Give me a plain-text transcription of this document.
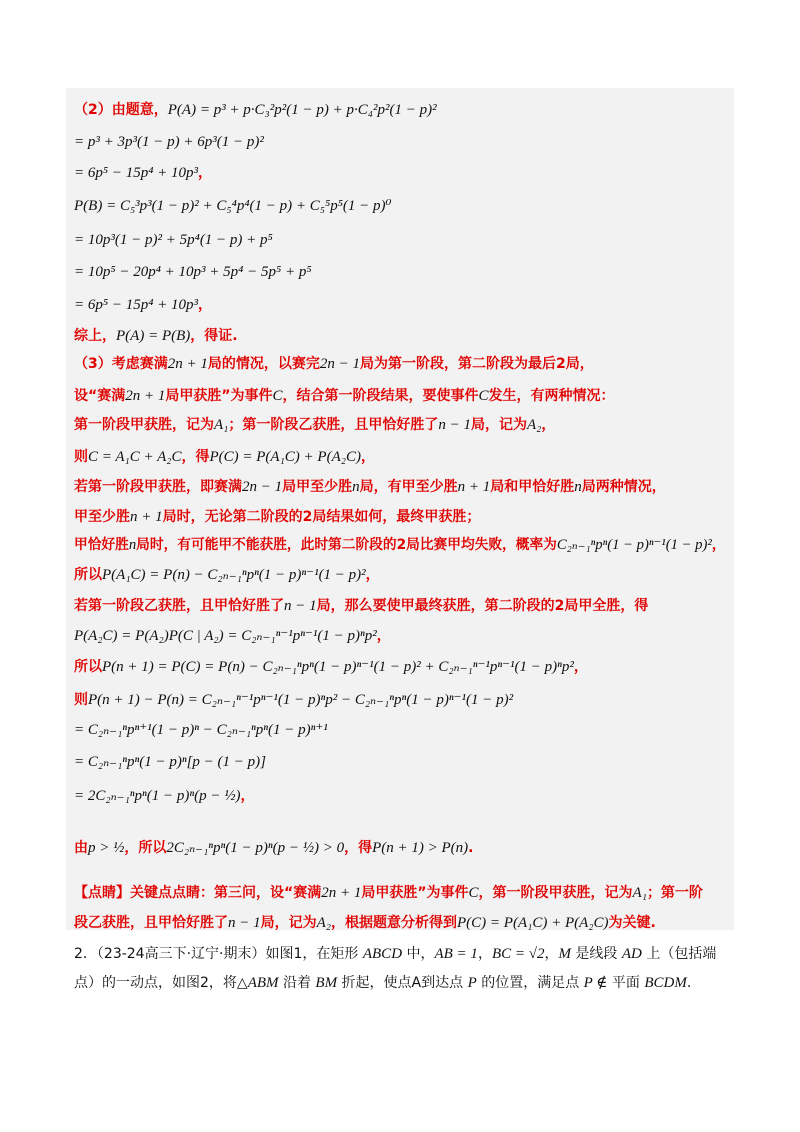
（2）由题意，P(A) = p³ + p·C₃²p²(1 − p) + p·C₄²p²(1 − p)²
= p³ + 3p³(1 − p) + 6p³(1 − p)²
= 6p⁵ − 15p⁴ + 10p³，
P(B) = C₅³p³(1 − p)² + C₅⁴p⁴(1 − p) + C₅⁵p⁵(1 − p)⁰
= 10p³(1 − p)² + 5p⁴(1 − p) + p⁵
= 10p⁵ − 20p⁴ + 10p³ + 5p⁴ − 5p⁵ + p⁵
= 6p⁵ − 15p⁴ + 10p³，
综上，P(A) = P(B)，得证.
（3）考虑赛满2n + 1局的情况，以赛完2n − 1局为第一阶段，第二阶段为最后2局，
设“赛满2n + 1局甲获胜”为事件C，结合第一阶段结果，要使事件C发生，有两种情况：
第一阶段甲获胜，记为A₁；第一阶段乙获胜，且甲恰好胜了n − 1局，记为A₂，
则C = A₁C + A₂C，得P(C) = P(A₁C) + P(A₂C)，
若第一阶段甲获胜，即赛满2n − 1局甲至少胜n局，有甲至少胜n + 1局和甲恰好胜n局两种情况，
甲至少胜n + 1局时，无论第二阶段的2局结果如何，最终甲获胜；
甲恰好胜n局时，有可能甲不能获胜，此时第二阶段的2局比赛甲均失败，概率为C₂ₙ₋₁ⁿpⁿ(1 − p)ⁿ⁻¹(1 − p)²，
所以P(A₁C) = P(n) − C₂ₙ₋₁ⁿpⁿ(1 − p)ⁿ⁻¹(1 − p)²，
若第一阶段乙获胜，且甲恰好胜了n − 1局，那么要使甲最终获胜，第二阶段的2局甲全胜，得
P(A₂C) = P(A₂)P(C | A₂) = C₂ₙ₋₁ⁿ⁻¹pⁿ⁻¹(1 − p)ⁿp²，
所以P(n + 1) = P(C) = P(n) − C₂ₙ₋₁ⁿpⁿ(1 − p)ⁿ⁻¹(1 − p)² + C₂ₙ₋₁ⁿ⁻¹pⁿ⁻¹(1 − p)ⁿp²，
则P(n + 1) − P(n) = C₂ₙ₋₁ⁿ⁻¹pⁿ⁻¹(1 − p)ⁿp² − C₂ₙ₋₁ⁿpⁿ(1 − p)ⁿ⁻¹(1 − p)²
= C₂ₙ₋₁ⁿpⁿ⁺¹(1 − p)ⁿ − C₂ₙ₋₁ⁿpⁿ(1 − p)ⁿ⁺¹
= C₂ₙ₋₁ⁿpⁿ(1 − p)ⁿ[p − (1 − p)]
= 2C₂ₙ₋₁ⁿpⁿ(1 − p)ⁿ(p − ½)，
由p > ½，所以2C₂ₙ₋₁ⁿpⁿ(1 − p)ⁿ(p − ½) > 0，得P(n + 1) > P(n).
【点睛】关键点点睛：第三问，设“赛满2n + 1局甲获胜”为事件C，第一阶段甲获胜，记为A₁；第一阶
段乙获胜，且甲恰好胜了n − 1局，记为A₂，根据题意分析得到P(C) = P(A₁C) + P(A₂C)为关键.
2．（23-24高三下·辽宁·期末）如图1，在矩形 ABCD 中，AB = 1，BC = √2，M 是线段 AD 上（包括端
点）的一动点，如图2，将△ABM 沿着 BM 折起，使点A到达点 P 的位置，满足点 P ∉ 平面 BCDM.
